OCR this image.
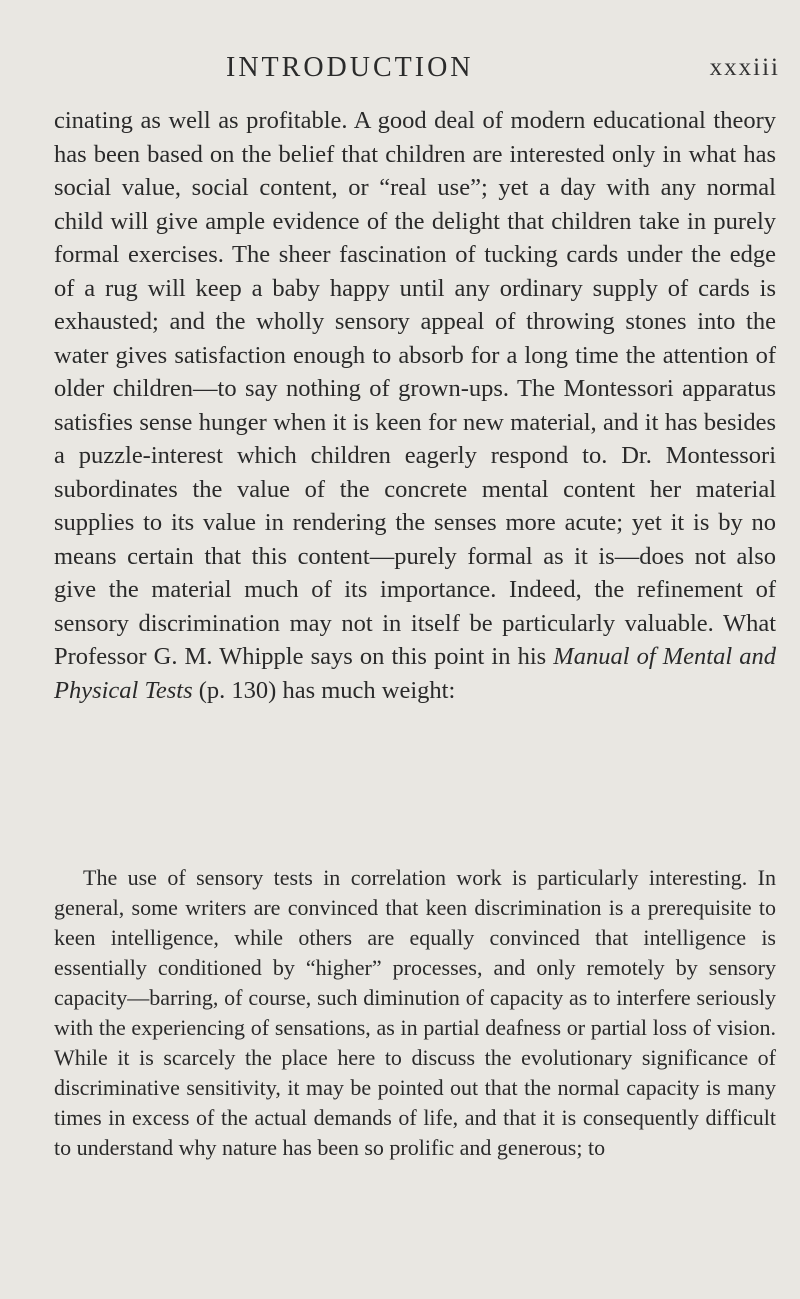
INTRODUCTION	xxxiii

cinating as well as profitable. A good deal of modern educational theory has been based on the belief that children are interested only in what has social value, social content, or “real use”; yet a day with any normal child will give ample evidence of the delight that children take in purely formal exercises. The sheer fascination of tucking cards under the edge of a rug will keep a baby happy until any ordinary supply of cards is exhausted; and the wholly sensory appeal of throwing stones into the water gives satisfaction enough to absorb for a long time the attention of older children—to say nothing of grown-ups. The Montessori apparatus satisfies sense hunger when it is keen for new material, and it has besides a puzzle-interest which children eagerly respond to. Dr. Montessori subordinates the value of the concrete mental content her material supplies to its value in rendering the senses more acute; yet it is by no means certain that this content—purely formal as it is—does not also give the material much of its importance. Indeed, the refinement of sensory discrimination may not in itself be particularly valuable. What Professor G. M. Whipple says on this point in his Manual of Mental and Physical Tests (p. 130) has much weight:

The use of sensory tests in correlation work is particularly interesting. In general, some writers are convinced that keen discrimination is a prerequisite to keen intelligence, while others are equally convinced that intelligence is essentially conditioned by “higher” processes, and only remotely by sensory capacity—barring, of course, such diminution of capacity as to interfere seriously with the experiencing of sensations, as in partial deafness or partial loss of vision. While it is scarcely the place here to discuss the evolutionary significance of discriminative sensitivity, it may be pointed out that the normal capacity is many times in excess of the actual demands of life, and that it is consequently difficult to understand why nature has been so prolific and generous; to
